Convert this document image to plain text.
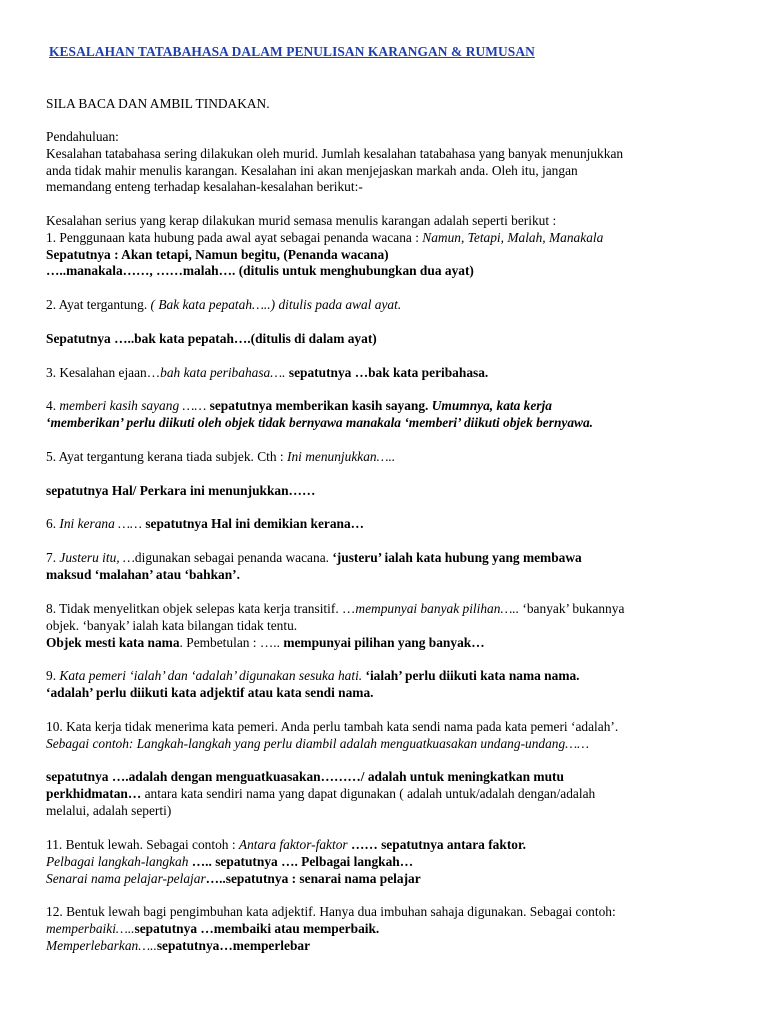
KESALAHAN TATABAHASA DALAM PENULISAN KARANGAN & RUMUSAN

SILA BACA DAN AMBIL TINDAKAN.

Pendahuluan:
Kesalahan tatabahasa sering dilakukan oleh murid. Jumlah kesalahan tatabahasa yang banyak menunjukkan
anda tidak mahir menulis karangan. Kesalahan ini akan menjejaskan markah anda. Oleh itu, jangan
memandang enteng terhadap kesalahan-kesalahan berikut:-
Kesalahan serius yang kerap dilakukan murid semasa menulis karangan adalah seperti berikut :
1. Penggunaan kata hubung pada awal ayat sebagai penanda wacana : Namun, Tetapi, Malah, Manakala
Sepatutnya : Akan tetapi, Namun begitu, (Penanda wacana)
…..manakala……, ……malah…. (ditulis untuk menghubungkan dua ayat)

2. Ayat tergantung. ( Bak kata pepatah…..) ditulis pada awal ayat.

Sepatutnya …..bak kata pepatah….(ditulis di dalam ayat)

3. Kesalahan ejaan…bah kata peribahasa…. sepatutnya …bak kata peribahasa.

4. memberi kasih sayang …… sepatutnya memberikan kasih sayang. Umumnya, kata kerja
‘memberikan’ perlu diikuti oleh objek tidak bernyawa manakala ‘memberi’ diikuti objek bernyawa.

5. Ayat tergantung kerana tiada subjek. Cth : Ini menunjukkan…..

sepatutnya Hal/ Perkara ini menunjukkan……

6. Ini kerana …… sepatutnya Hal ini demikian kerana…

7. Justeru itu, …digunakan sebagai penanda wacana. ‘justeru’ ialah kata hubung yang membawa
maksud ‘malahan’ atau ‘bahkan’.
8. Tidak menyelitkan objek selepas kata kerja transitif. …mempunyai banyak pilihan….. ‘banyak’ bukannya
objek. ‘banyak’ ialah kata bilangan tidak tentu.
Objek mesti kata nama. Pembetulan : ….. mempunyai pilihan yang banyak…
9. Kata pemeri ‘ialah’ dan ‘adalah’ digunakan sesuka hati. ‘ialah’ perlu diikuti kata nama nama.
‘adalah’ perlu diikuti kata adjektif atau kata sendi nama.
10. Kata kerja tidak menerima kata pemeri. Anda perlu tambah kata sendi nama pada kata pemeri ‘adalah’.
Sebagai contoh: Langkah-langkah yang perlu diambil adalah menguatkuasakan undang-undang……
sepatutnya ….adalah dengan menguatkuasakan………/ adalah untuk meningkatkan mutu
perkhidmatan… antara kata sendiri nama yang dapat digunakan ( adalah untuk/adalah dengan/adalah
melalui, adalah seperti)
11. Bentuk lewah. Sebagai contoh : Antara faktor-faktor …… sepatutnya antara faktor.
Pelbagai langkah-langkah ….. sepatutnya …. Pelbagai langkah…
Senarai nama pelajar-pelajar…..sepatutnya : senarai nama pelajar
12. Bentuk lewah bagi pengimbuhan kata adjektif. Hanya dua imbuhan sahaja digunakan. Sebagai contoh:
memperbaiki…..sepatutnya …membaiki atau memperbaik.
Memperlebarkan…..sepatutnya…memperlebar
